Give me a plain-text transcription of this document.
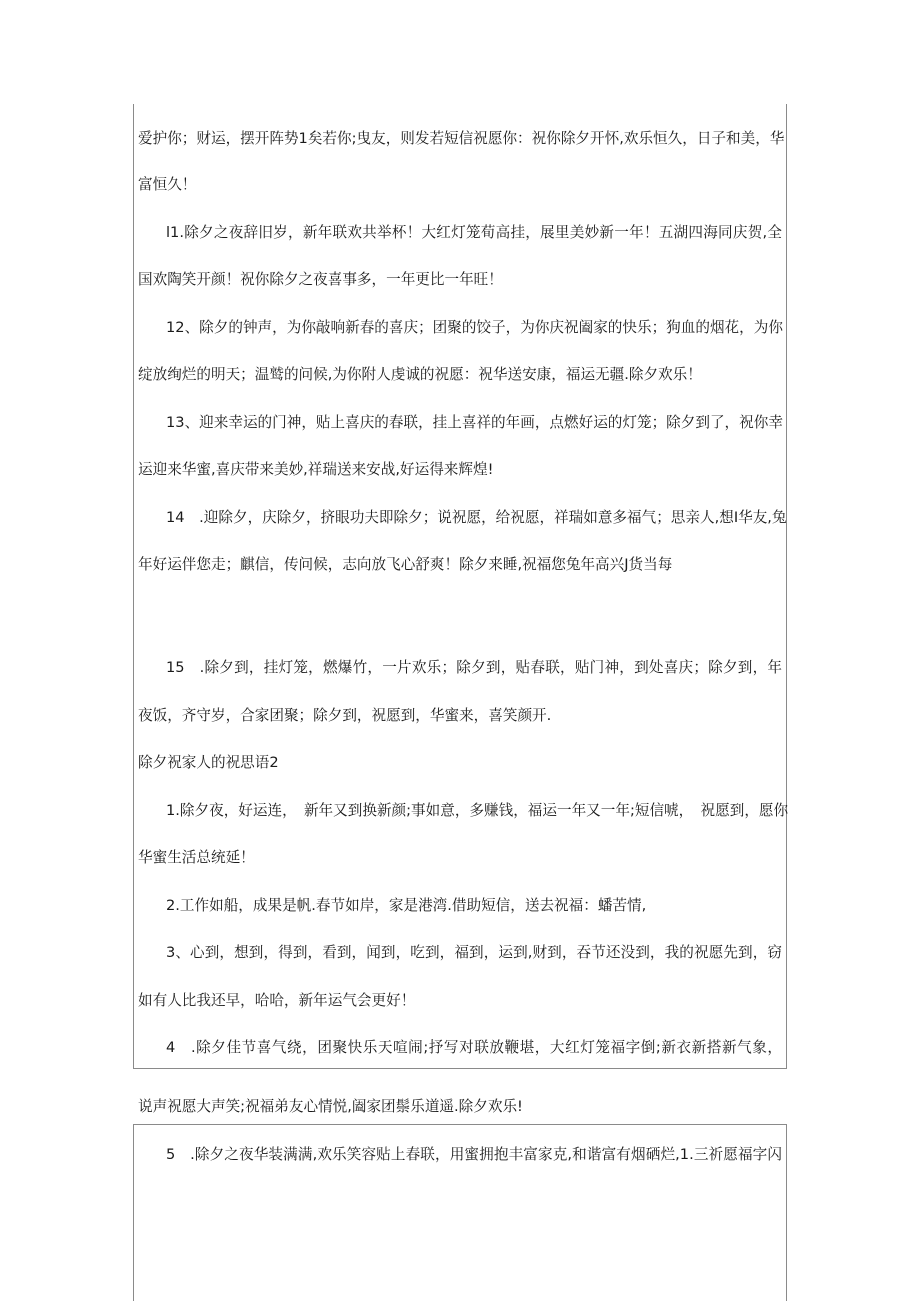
爱护你；财运，摆开阵势1矣若你;曳友，则发若短信祝愿你：祝你除夕开怀,欢乐恒久，日子和美，华
富恒久！
l1.除夕之夜辞旧岁，新年联欢共举杯！大红灯笼荀高挂，展里美妙新一年！五湖四海同庆贺,全
国欢陶笑开颜！祝你除夕之夜喜事多，一年更比一年旺！
12、除夕的钟声，为你敲响新春的喜庆；团聚的饺子，为你庆祝阖家的快乐；狗血的烟花，为你
绽放绚烂的明天；温鹫的问候,为你附人虔诚的祝愿：祝华送安康，福运无疆.除夕欢乐！
13、迎来幸运的门神，贴上喜庆的春联，挂上喜祥的年画，点燃好运的灯笼；除夕到了，祝你幸
运迎来华蜜,喜庆带来美妙,祥瑞送来安战,好运得来辉煌!
14　.迎除夕，庆除夕，挤眼功夫即除夕；说祝愿，给祝愿，祥瑞如意多福气；思亲人,想I华友,兔
年好运伴您走；麒信，传问候，志向放飞心舒爽！除夕来睡,祝福您兔年高兴J货当每
15　.除夕到，挂灯笼，燃爆竹，一片欢乐；除夕到，贴春联，贴门神，到处喜庆；除夕到，年
夜饭，齐守岁，合家团聚；除夕到，祝愿到，华蜜来，喜笑颜开.
除夕祝家人的祝思语2
1.除夕夜，好运连，　新年又到换新颜;事如意，多赚钱，福运一年又一年;短信唬，　祝愿到，愿你
华蜜生活总统延！
2.工作如船，成果是帆.春节如岸，家是港湾.借助短信，送去祝福：蟠苦情,
3、心到，想到，得到，看到，闻到，吃到，福到，运到,财到，吞节还没到，我的祝愿先到，窃
如有人比我还早，哈哈，新年运气会更好！
4　.除夕佳节喜气绕，团聚快乐天喧闹;抒写对联放鞭堪，大红灯笼福字倒;新衣新搭新气象，
说声祝愿大声笑;祝福弟友心情悦,阖家团鬃乐道遥.除夕欢乐!
5　.除夕之夜华装满满,欢乐笑容贴上春联，用蜜拥抱丰富家克,和谐富有烟硒烂,1.三祈愿福字闪
